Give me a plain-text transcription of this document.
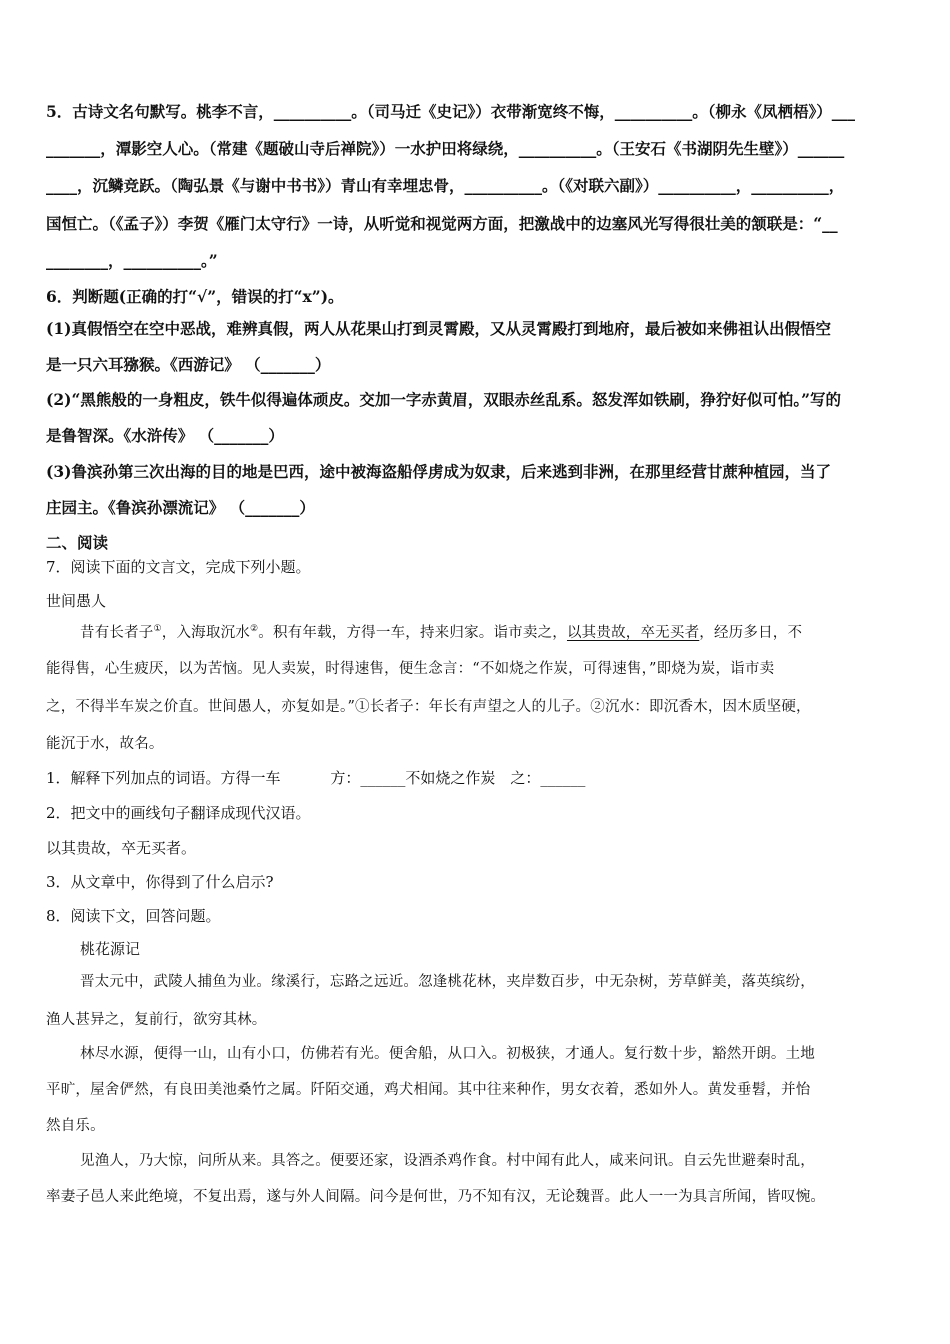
5．古诗文名句默写。桃李不言，__________。（司马迁《史记》）衣带渐宽终不悔，__________。（柳永《凤栖梧》）___
_______，潭影空人心。（常建《题破山寺后禅院》）一水护田将绿绕，__________。（王安石《书湖阴先生壁》）______
____，沉鳞竞跃。（陶弘景《与谢中书书》）青山有幸埋忠骨，__________。（《对联六副》）__________，__________，
国恒亡。（《孟子》）李贺《雁门太守行》一诗，从听觉和视觉两方面，把激战中的边塞风光写得很壮美的颔联是：“__
________，__________。”
6．判断题(正确的打“√”，错误的打“x”)。
(1)真假悟空在空中恶战，难辨真假，两人从花果山打到灵霄殿，又从灵霄殿打到地府，最后被如来佛祖认出假悟空
是一只六耳猕猴。《西游记》 （_______）
(2)“黑熊般的一身粗皮，铁牛似得遍体顽皮。交加一字赤黄眉，双眼赤丝乱系。怒发浑如铁刷，狰狞好似可怕。”写的
是鲁智深。《水浒传》 （_______）
(3)鲁滨孙第三次出海的目的地是巴西，途中被海盗船俘虏成为奴隶，后来逃到非洲，在那里经营甘蔗种植园，当了
庄园主。《鲁滨孙漂流记》 （_______）
二、阅读
7．阅读下面的文言文，完成下列小题。
世间愚人
昔有长者子①，入海取沉水②。积有年载，方得一车，持来归家。诣市卖之，以其贵故，卒无买者，经历多日，不
能得售，心生疲厌，以为苦恼。见人卖炭，时得速售，便生念言：“不如烧之作炭，可得速售，”即烧为炭，诣市卖
之，不得半车炭之价直。世间愚人，亦复如是。”①长者子：年长有声望之人的儿子。②沉水：即沉香木，因木质坚硬，
能沉于水，故名。
1．解释下列加点的词语。方得一车 　　　方：______不如烧之作炭　之：______
2．把文中的画线句子翻译成现代汉语。
以其贵故，卒无买者。
3．从文章中，你得到了什么启示?
8．阅读下文，回答问题。
桃花源记
晋太元中，武陵人捕鱼为业。缘溪行，忘路之远近。忽逢桃花林，夹岸数百步，中无杂树，芳草鲜美，落英缤纷，
渔人甚异之，复前行，欲穷其林。
林尽水源，便得一山，山有小口，仿佛若有光。便舍船，从口入。初极狭，才通人。复行数十步，豁然开朗。土地
平旷，屋舍俨然，有良田美池桑竹之属。阡陌交通，鸡犬相闻。其中往来种作，男女衣着，悉如外人。黄发垂髫，并怡
然自乐。
见渔人，乃大惊，问所从来。具答之。便要还家，设酒杀鸡作食。村中闻有此人，咸来问讯。自云先世避秦时乱，
率妻子邑人来此绝境，不复出焉，遂与外人间隔。问今是何世，乃不知有汉，无论魏晋。此人一一为具言所闻，皆叹惋。
